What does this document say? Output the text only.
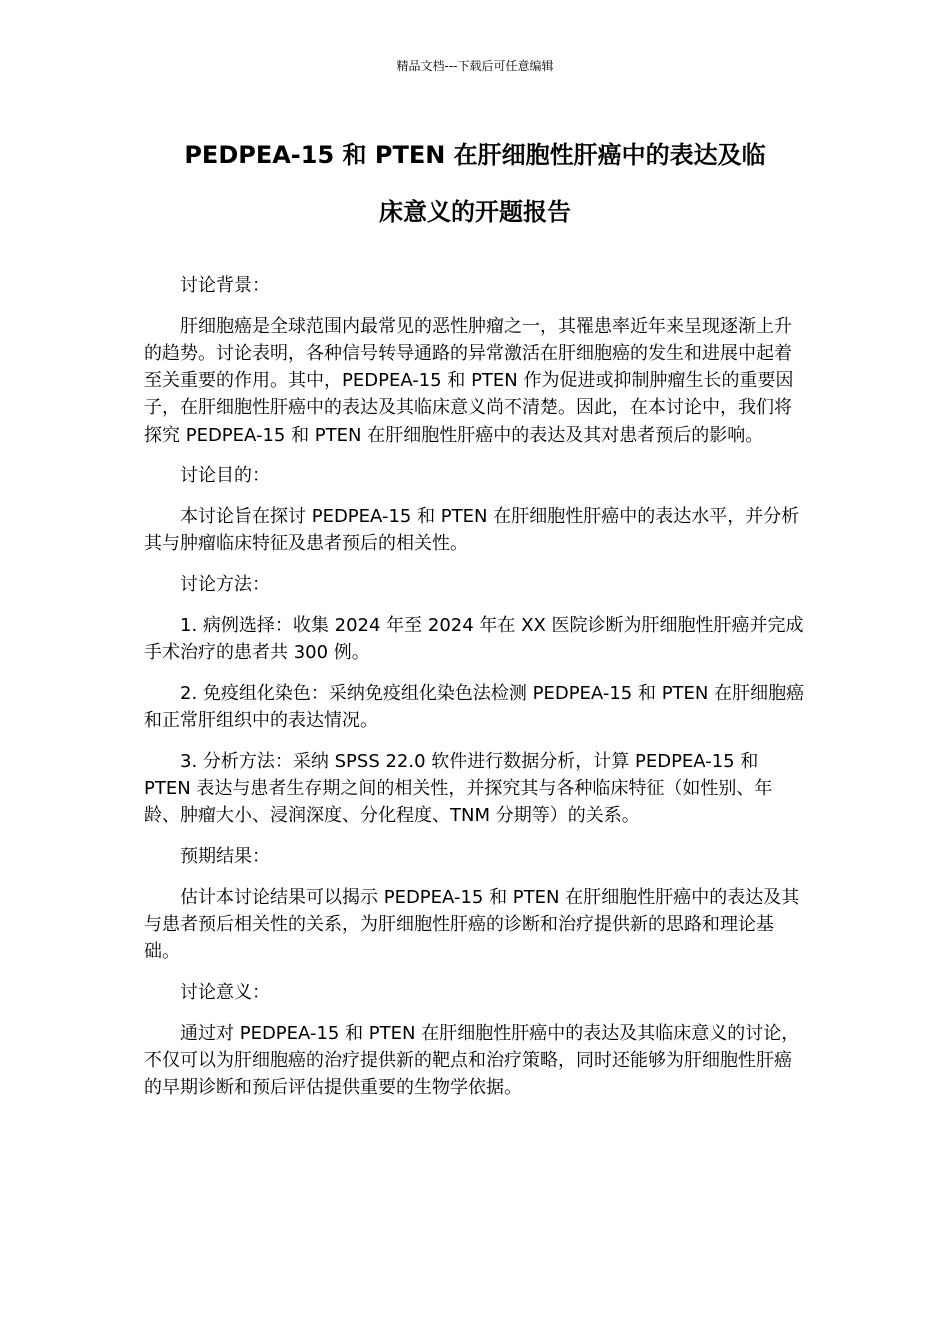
精品文档---下载后可任意编辑
PEDPEA-15 和 PTEN 在肝细胞性肝癌中的表达及临
床意义的开题报告

讨论背景：

肝细胞癌是全球范围内最常见的恶性肿瘤之一，其罹患率近年来呈现逐渐上升的趋势。讨论表明，各种信号转导通路的异常激活在肝细胞癌的发生和进展中起着至关重要的作用。其中，PEDPEA-15 和 PTEN 作为促进或抑制肿瘤生长的重要因子，在肝细胞性肝癌中的表达及其临床意义尚不清楚。因此，在本讨论中，我们将探究 PEDPEA-15 和 PTEN 在肝细胞性肝癌中的表达及其对患者预后的影响。

讨论目的：

本讨论旨在探讨 PEDPEA-15 和 PTEN 在肝细胞性肝癌中的表达水平，并分析其与肿瘤临床特征及患者预后的相关性。

讨论方法：

1. 病例选择：收集 2024 年至 2024 年在 XX 医院诊断为肝细胞性肝癌并完成手术治疗的患者共 300 例。

2. 免疫组化染色：采纳免疫组化染色法检测 PEDPEA-15 和 PTEN 在肝细胞癌和正常肝组织中的表达情况。

3. 分析方法：采纳 SPSS 22.0 软件进行数据分析，计算 PEDPEA-15 和 PTEN 表达与患者生存期之间的相关性，并探究其与各种临床特征（如性别、年龄、肿瘤大小、浸润深度、分化程度、TNM 分期等）的关系。

预期结果：

估计本讨论结果可以揭示 PEDPEA-15 和 PTEN 在肝细胞性肝癌中的表达及其与患者预后相关性的关系，为肝细胞性肝癌的诊断和治疗提供新的思路和理论基础。

讨论意义：

通过对 PEDPEA-15 和 PTEN 在肝细胞性肝癌中的表达及其临床意义的讨论，不仅可以为肝细胞癌的治疗提供新的靶点和治疗策略，同时还能够为肝细胞性肝癌的早期诊断和预后评估提供重要的生物学依据。
